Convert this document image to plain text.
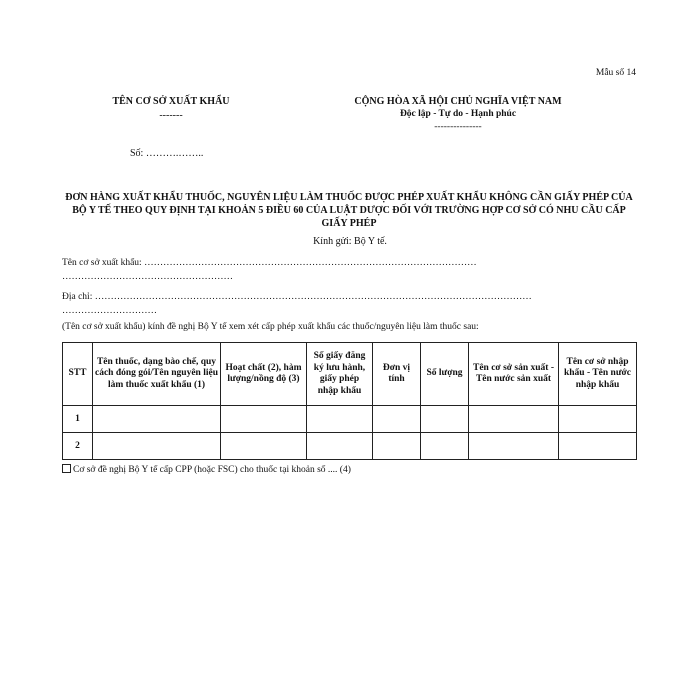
Mẫu số 14
TÊN CƠ SỞ XUẤT KHẨU
-------
CỘNG HÒA XÃ HỘI CHỦ NGHĨA VIỆT NAM
Độc lập - Tự do - Hạnh phúc
---------------
Số: ……….……..
ĐƠN HÀNG XUẤT KHẨU THUỐC, NGUYÊN LIỆU LÀM THUỐC ĐƯỢC PHÉP XUẤT KHẨU KHÔNG CẦN GIẤY PHÉP CỦA BỘ Y TẾ THEO QUY ĐỊNH TẠI KHOẢN 5 ĐIỀU 60 CỦA LUẬT DƯỢC ĐỐI VỚI TRƯỜNG HỢP CƠ SỞ CÓ NHU CẦU CẤP GIẤY PHÉP
Kính gửi: Bộ Y tế.
Tên cơ sở xuất khẩu: ……………………………………………………………………………………………
………………………………………………
Địa chỉ: …………………………………………………………………………………………………………………………
…………………………
(Tên cơ sở xuất khẩu) kính đề nghị Bộ Y tế xem xét cấp phép xuất khẩu các thuốc/nguyên liệu làm thuốc sau:
STT	Tên thuốc, dạng bào chế, quy cách đóng gói/Tên nguyên liệu làm thuốc xuất khẩu (1)	Hoạt chất (2), hàm lượng/nồng độ (3)	Số giấy đăng ký lưu hành, giấy phép nhập khẩu	Đơn vị tính	Số lượng	Tên cơ sở sản xuất - Tên nước sản xuất	Tên cơ sở nhập khẩu - Tên nước nhập khẩu
1							
2							
Cơ sở đề nghị Bộ Y tế cấp CPP (hoặc FSC) cho thuốc tại khoản số .... (4)
